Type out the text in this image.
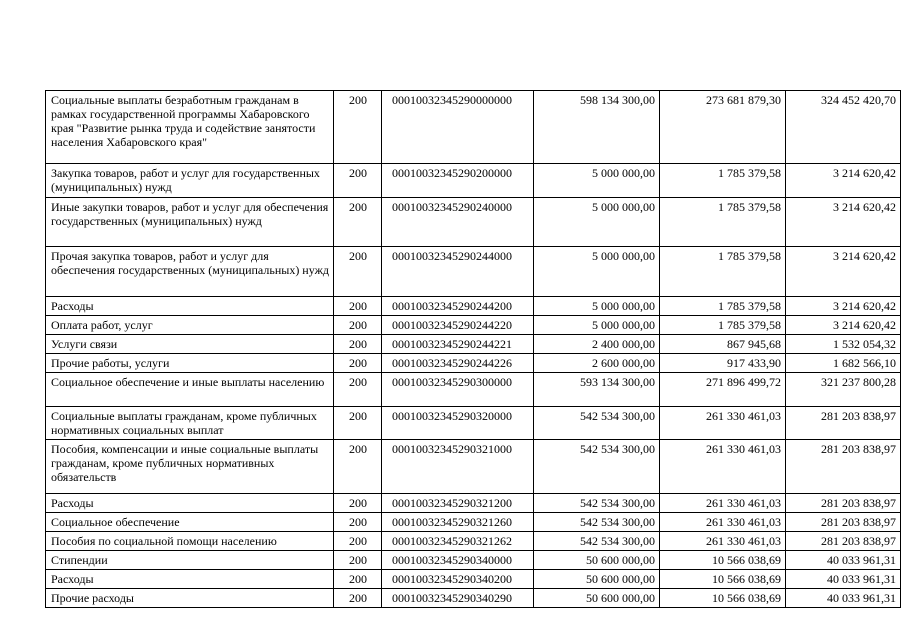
Социальные выплаты безработным гражданам в рамках государственной программы Хабаровского края "Развитие рынка труда и содействие занятости населения Хабаровского края"	200	00010032345290000000	598 134 300,00	273 681 879,30	324 452 420,70
Закупка товаров, работ и услуг для государственных (муниципальных) нужд	200	00010032345290200000	5 000 000,00	1 785 379,58	3 214 620,42
Иные закупки товаров, работ и услуг для обеспечения государственных (муниципальных) нужд	200	00010032345290240000	5 000 000,00	1 785 379,58	3 214 620,42
Прочая закупка товаров, работ и услуг для обеспечения государственных (муниципальных) нужд	200	00010032345290244000	5 000 000,00	1 785 379,58	3 214 620,42
Расходы	200	00010032345290244200	5 000 000,00	1 785 379,58	3 214 620,42
Оплата работ, услуг	200	00010032345290244220	5 000 000,00	1 785 379,58	3 214 620,42
Услуги связи	200	00010032345290244221	2 400 000,00	867 945,68	1 532 054,32
Прочие работы, услуги	200	00010032345290244226	2 600 000,00	917 433,90	1 682 566,10
Социальное обеспечение и иные выплаты населению	200	00010032345290300000	593 134 300,00	271 896 499,72	321 237 800,28
Социальные выплаты гражданам, кроме публичных нормативных социальных выплат	200	00010032345290320000	542 534 300,00	261 330 461,03	281 203 838,97
Пособия, компенсации и иные социальные выплаты гражданам, кроме публичных нормативных обязательств	200	00010032345290321000	542 534 300,00	261 330 461,03	281 203 838,97
Расходы	200	00010032345290321200	542 534 300,00	261 330 461,03	281 203 838,97
Социальное обеспечение	200	00010032345290321260	542 534 300,00	261 330 461,03	281 203 838,97
Пособия по социальной помощи населению	200	00010032345290321262	542 534 300,00	261 330 461,03	281 203 838,97
Стипендии	200	00010032345290340000	50 600 000,00	10 566 038,69	40 033 961,31
Расходы	200	00010032345290340200	50 600 000,00	10 566 038,69	40 033 961,31
Прочие расходы	200	00010032345290340290	50 600 000,00	10 566 038,69	40 033 961,31
